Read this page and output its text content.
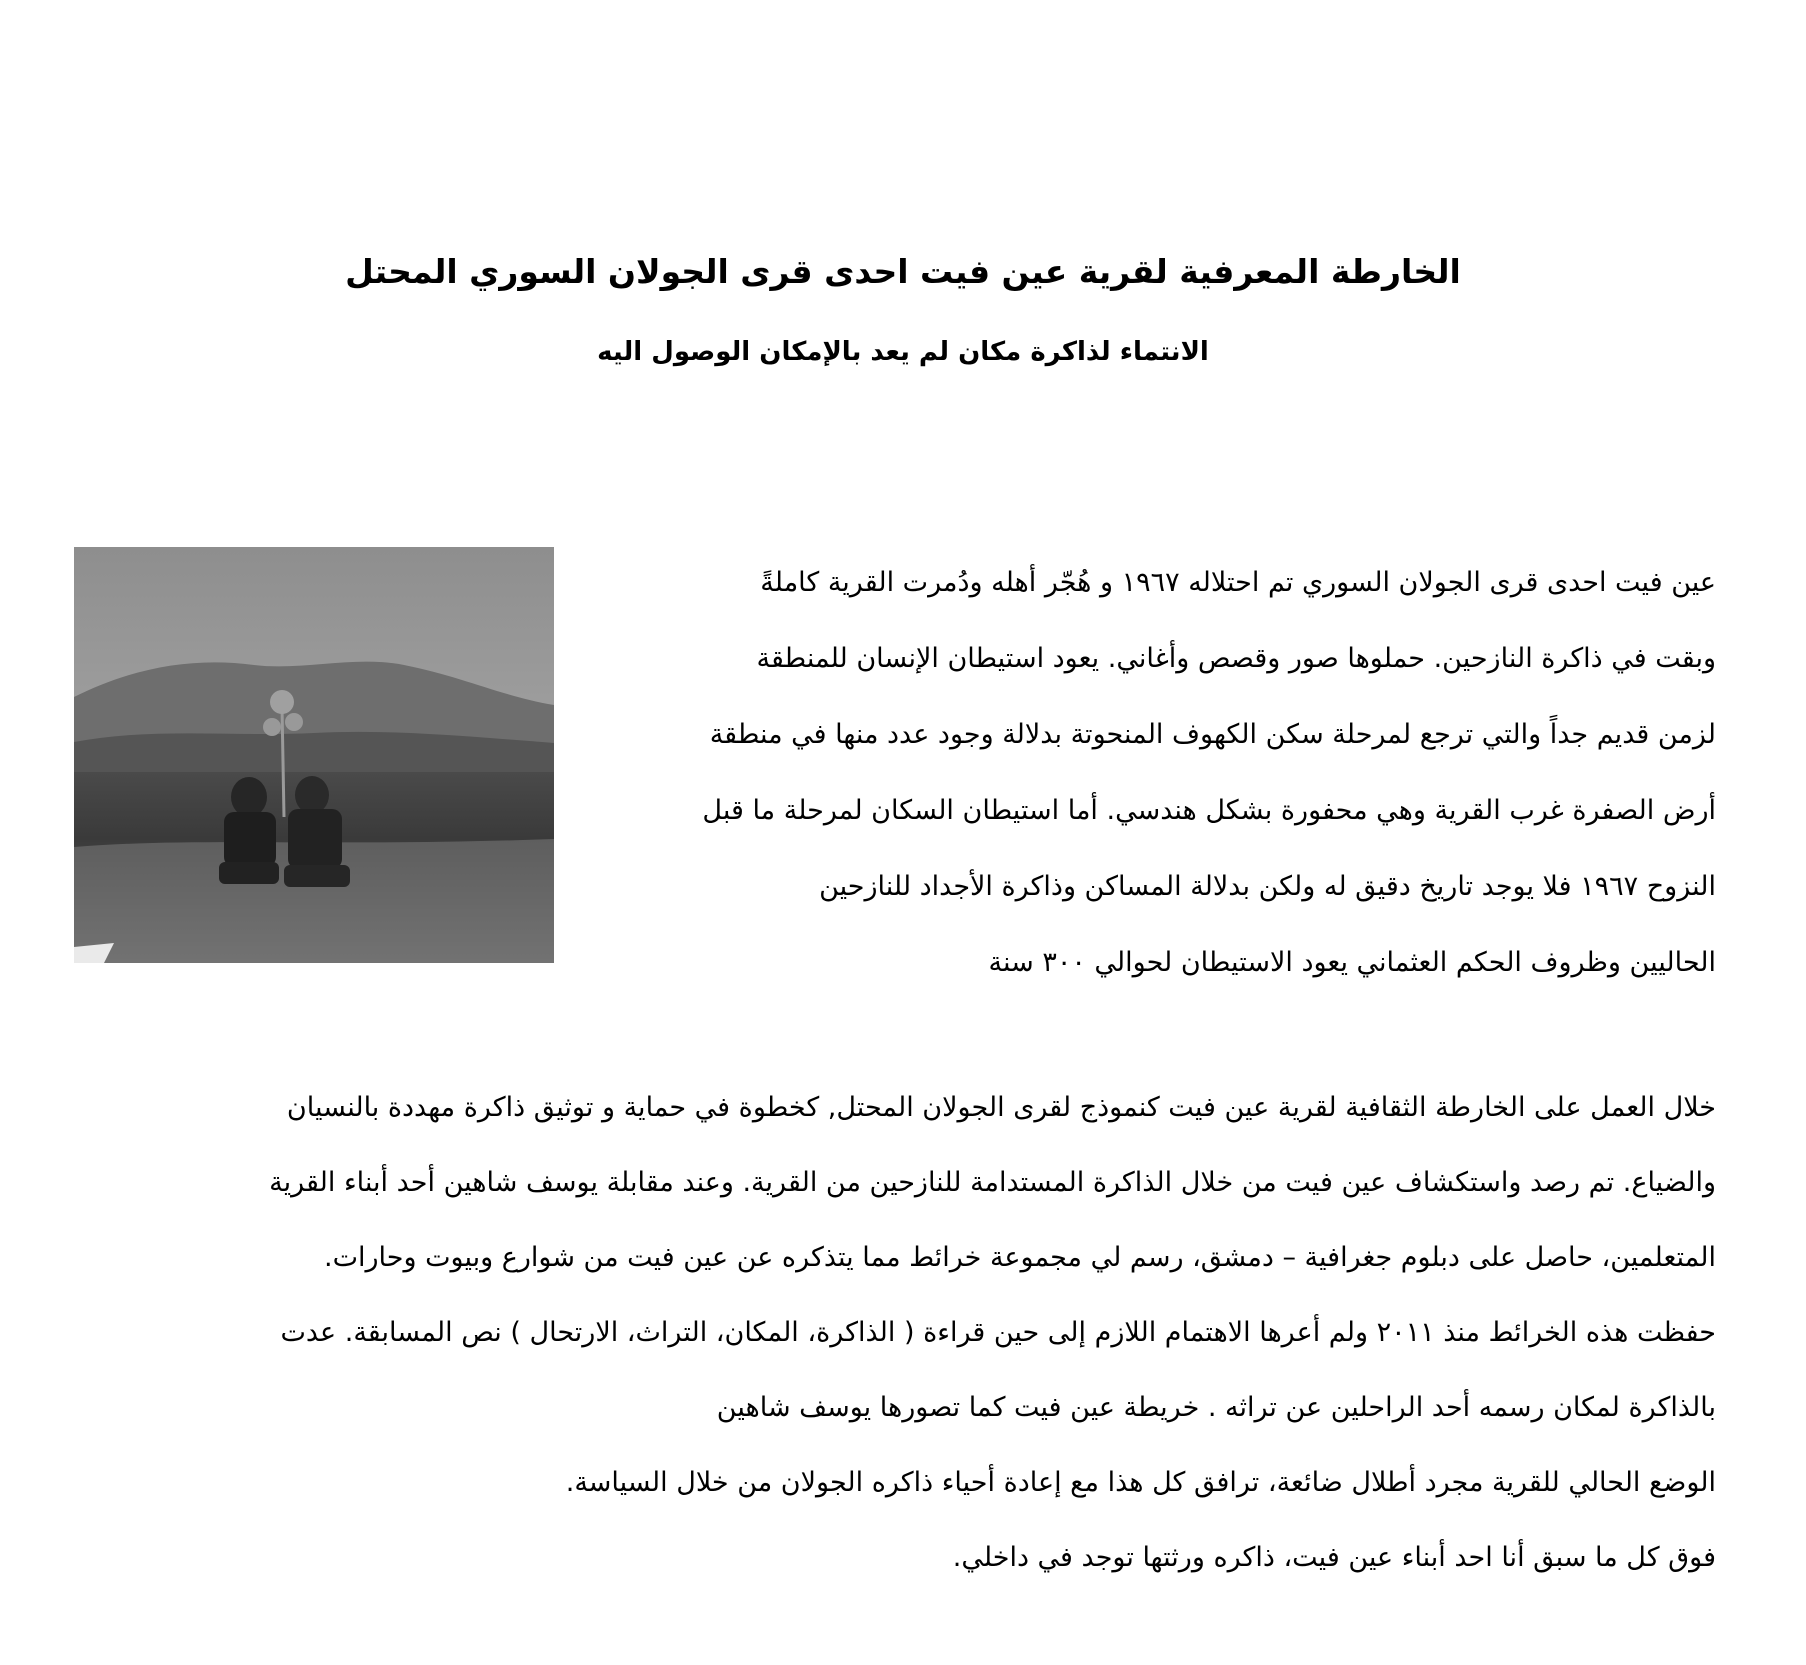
الخارطة المعرفية لقرية عين فيت احدى قرى الجولان السوري المحتل
الانتماء لذاكرة مكان لم يعد بالإمكان الوصول اليه
عين فيت احدى قرى الجولان السوري تم احتلاله ١٩٦٧ و هُجّر أهله ودُمرت القرية كاملةً
وبقت في ذاكرة النازحين. حملوها صور وقصص وأغاني. يعود استيطان الإنسان للمنطقة
لزمن قديم جداً والتي ترجع لمرحلة سكن الكهوف المنحوتة بدلالة وجود عدد منها في منطقة
أرض الصفرة غرب القرية وهي محفورة بشكل هندسي. أما استيطان السكان لمرحلة ما قبل
النزوح ١٩٦٧ فلا يوجد تاريخ دقيق له ولكن بدلالة المساكن وذاكرة الأجداد للنازحين
الحاليين وظروف الحكم العثماني يعود الاستيطان لحوالي ٣٠٠ سنة
خلال العمل على الخارطة الثقافية لقرية عين فيت كنموذج لقرى الجولان المحتل, كخطوة في حماية و توثيق ذاكرة مهددة بالنسيان
والضياع. تم رصد واستكشاف عين فيت من خلال الذاكرة المستدامة للنازحين من القرية. وعند مقابلة يوسف شاهين أحد أبناء القرية
المتعلمين، حاصل على دبلوم جغرافية – دمشق، رسم لي مجموعة خرائط مما يتذكره عن عين فيت من شوارع وبيوت وحارات.
حفظت هذه الخرائط منذ ٢٠١١ ولم أعرها الاهتمام اللازم إلى حين قراءة ( الذاكرة، المكان، التراث، الارتحال ) نص المسابقة. عدت
بالذاكرة لمكان رسمه أحد الراحلين عن تراثه . خريطة عين فيت كما تصورها يوسف شاهين
الوضع الحالي للقرية مجرد أطلال ضائعة، ترافق كل هذا مع إعادة أحياء ذاكره الجولان من خلال السياسة.
فوق كل ما سبق أنا احد أبناء عين فيت، ذاكره ورثتها توجد في داخلي.
